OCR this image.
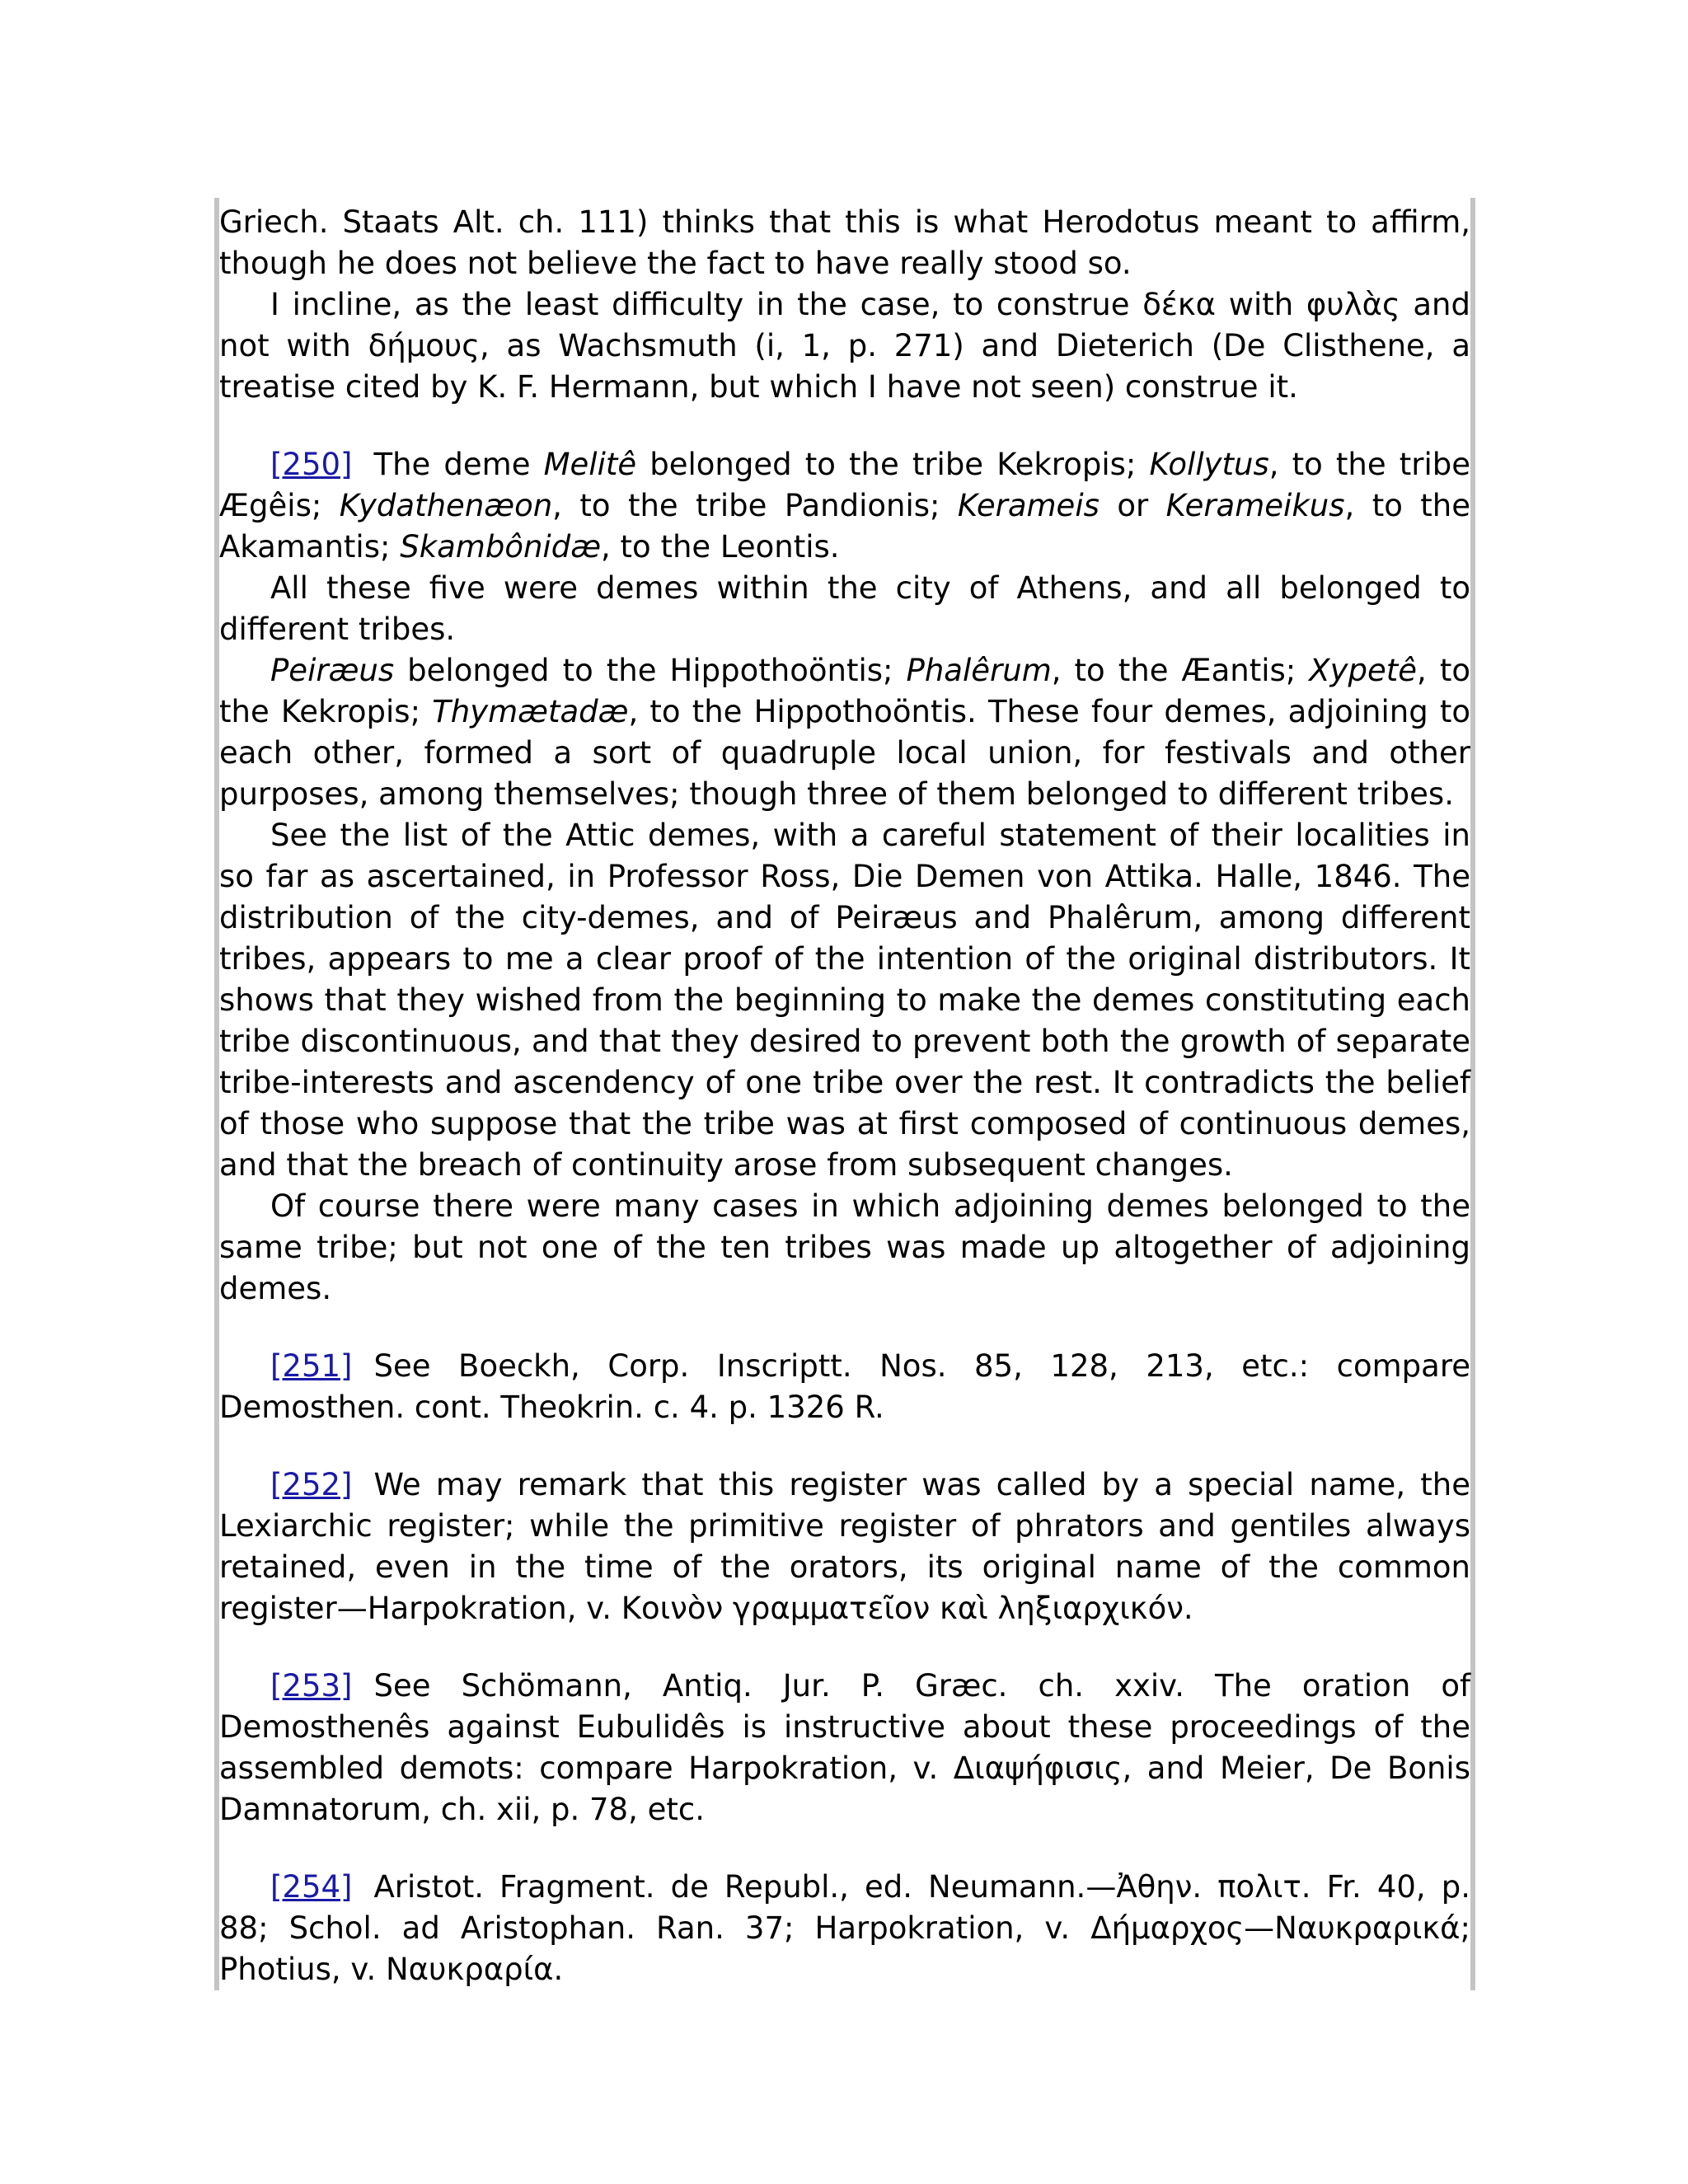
Griech. Staats Alt. ch. 111) thinks that this is what Herodotus meant to affirm, though he does not believe the fact to have really stood so.

I incline, as the least difficulty in the case, to construe δέκα with φυλὰς and not with δήμους, as Wachsmuth (i, 1, p. 271) and Dieterich (De Clisthene, a treatise cited by K. F. Hermann, but which I have not seen) construe it.

[250] The deme Melitê belonged to the tribe Kekropis; Kollytus, to the tribe Ægêis; Kydathenæon, to the tribe Pandionis; Kerameis or Kerameikus, to the Akamantis; Skambônidæ, to the Leontis.

All these five were demes within the city of Athens, and all belonged to different tribes.

Peiræus belonged to the Hippothoöntis; Phalêrum, to the Æantis; Xypetê, to the Kekropis; Thymætadæ, to the Hippothoöntis. These four demes, adjoining to each other, formed a sort of quadruple local union, for festivals and other purposes, among themselves; though three of them belonged to different tribes.

See the list of the Attic demes, with a careful statement of their localities in so far as ascertained, in Professor Ross, Die Demen von Attika. Halle, 1846. The distribution of the city-demes, and of Peiræus and Phalêrum, among different tribes, appears to me a clear proof of the intention of the original distributors. It shows that they wished from the beginning to make the demes constituting each tribe discontinuous, and that they desired to prevent both the growth of separate tribe-interests and ascendency of one tribe over the rest. It contradicts the belief of those who suppose that the tribe was at first composed of continuous demes, and that the breach of continuity arose from subsequent changes.

Of course there were many cases in which adjoining demes belonged to the same tribe; but not one of the ten tribes was made up altogether of adjoining demes.

[251] See Boeckh, Corp. Inscriptt. Nos. 85, 128, 213, etc.: compare Demosthen. cont. Theokrin. c. 4. p. 1326 R.

[252] We may remark that this register was called by a special name, the Lexiarchic register; while the primitive register of phrators and gentiles always retained, even in the time of the orators, its original name of the common register—Harpokration, v. Κοινὸν γραμματεῖον καὶ ληξιαρχικόν.

[253] See Schömann, Antiq. Jur. P. Græc. ch. xxiv. The oration of Demosthenês against Eubulidês is instructive about these proceedings of the assembled demots: compare Harpokration, v. Διαψήφισις, and Meier, De Bonis Damnatorum, ch. xii, p. 78, etc.

[254] Aristot. Fragment. de Republ., ed. Neumann.—Ἀθην. πολιτ. Fr. 40, p. 88; Schol. ad Aristophan. Ran. 37; Harpokration, v. Δήμαρχος—Ναυκραρικά; Photius, v. Ναυκραρία.
